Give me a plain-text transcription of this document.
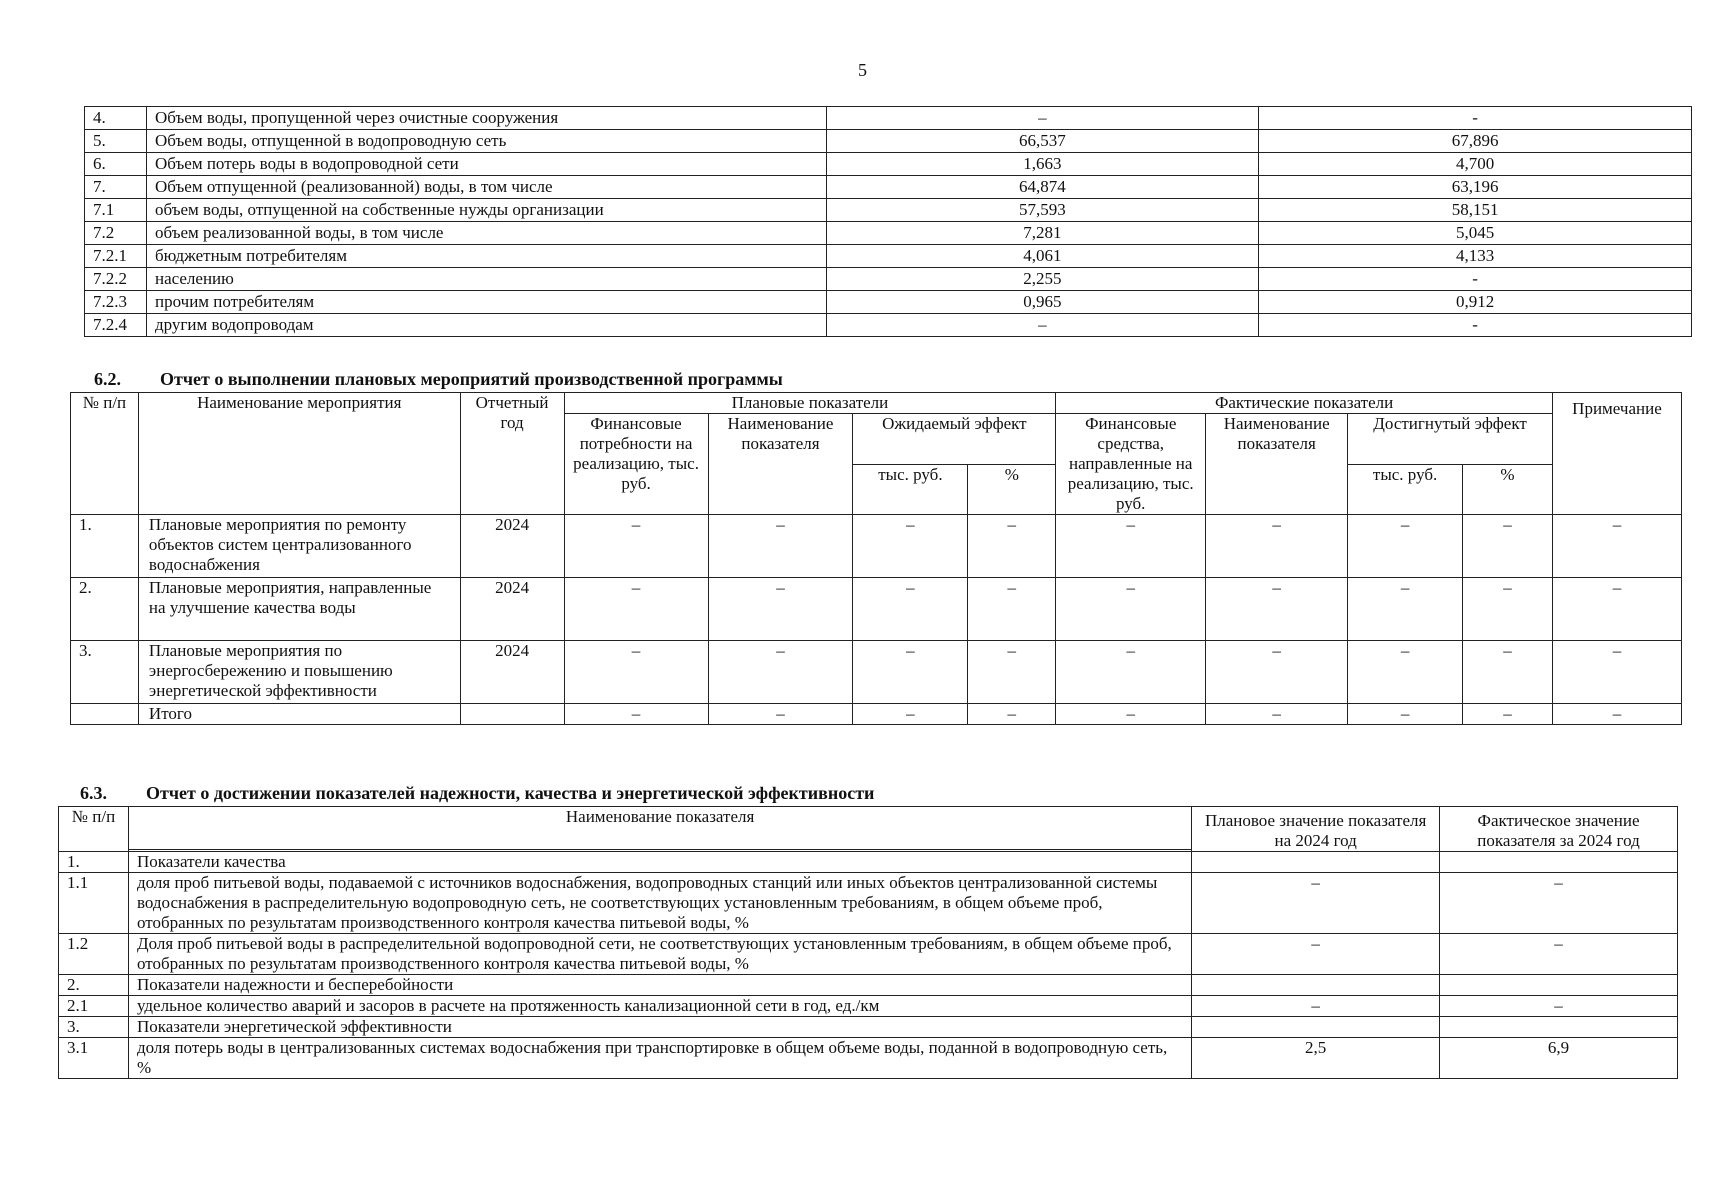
5
4.	Объем воды, пропущенной через очистные сооружения	–	-
5.	Объем воды, отпущенной в водопроводную сеть	66,537	67,896
6.	Объем потерь воды в водопроводной сети	1,663	4,700
7.	Объем отпущенной (реализованной) воды, в том числе	64,874	63,196
7.1	объем воды, отпущенной на собственные нужды организации	57,593	58,151
7.2	объем реализованной воды, в том числе	7,281	5,045
7.2.1	бюджетным потребителям	4,061	4,133
7.2.2	населению	2,255	-
7.2.3	прочим потребителям	0,965	0,912
7.2.4	другим водопроводам	–	-
6.2. Отчет о выполнении плановых мероприятий производственной программы
№ п/п	Наименование мероприятия	Отчетный год	Плановые показатели				Фактические показатели				Примечание
			Финансовые потребности на реализацию, тыс. руб.	Наименование показателя	Ожидаемый эффект		Финансовые средства, направленные на реализацию, тыс. руб.	Наименование показателя	Достигнутый эффект		
					тыс. руб.	%			тыс. руб.	%	
1.	Плановые мероприятия по ремонту объектов систем централизованного водоснабжения	2024	–	–	–	–	–	–	–	–	–
2.	Плановые мероприятия, направленные на улучшение качества воды	2024	–	–	–	–	–	–	–	–	–
3.	Плановые мероприятия по энергосбережению и повышению энергетической эффективности	2024	–	–	–	–	–	–	–	–	–
	Итого		–	–	–	–	–	–	–	–	–
6.3. Отчет о достижении показателей надежности, качества и энергетической эффективности
№ п/п	Наименование показателя	Плановое значение показателя на 2024 год	Фактическое значение показателя за 2024 год

1.	Показатели качества		
1.1	доля проб питьевой воды, подаваемой с источников водоснабжения, водопроводных станций или иных объектов централизованной системы водоснабжения в распределительную водопроводную сеть, не соответствующих установленным требованиям, в общем объеме проб, отобранных по результатам производственного контроля качества питьевой воды, %	–	–
1.2	Доля проб питьевой воды в распределительной водопроводной сети, не соответствующих установленным требованиям, в общем объеме проб, отобранных по результатам производственного контроля качества питьевой воды, %	–	–
2.	Показатели надежности и бесперебойности		
2.1	удельное количество аварий и засоров в расчете на протяженность канализационной сети в год, ед./км	–	–
3.	Показатели энергетической эффективности		
3.1	доля потерь воды в централизованных системах водоснабжения при транспортировке в общем объеме воды, поданной в водопроводную сеть, %	2,5	6,9
